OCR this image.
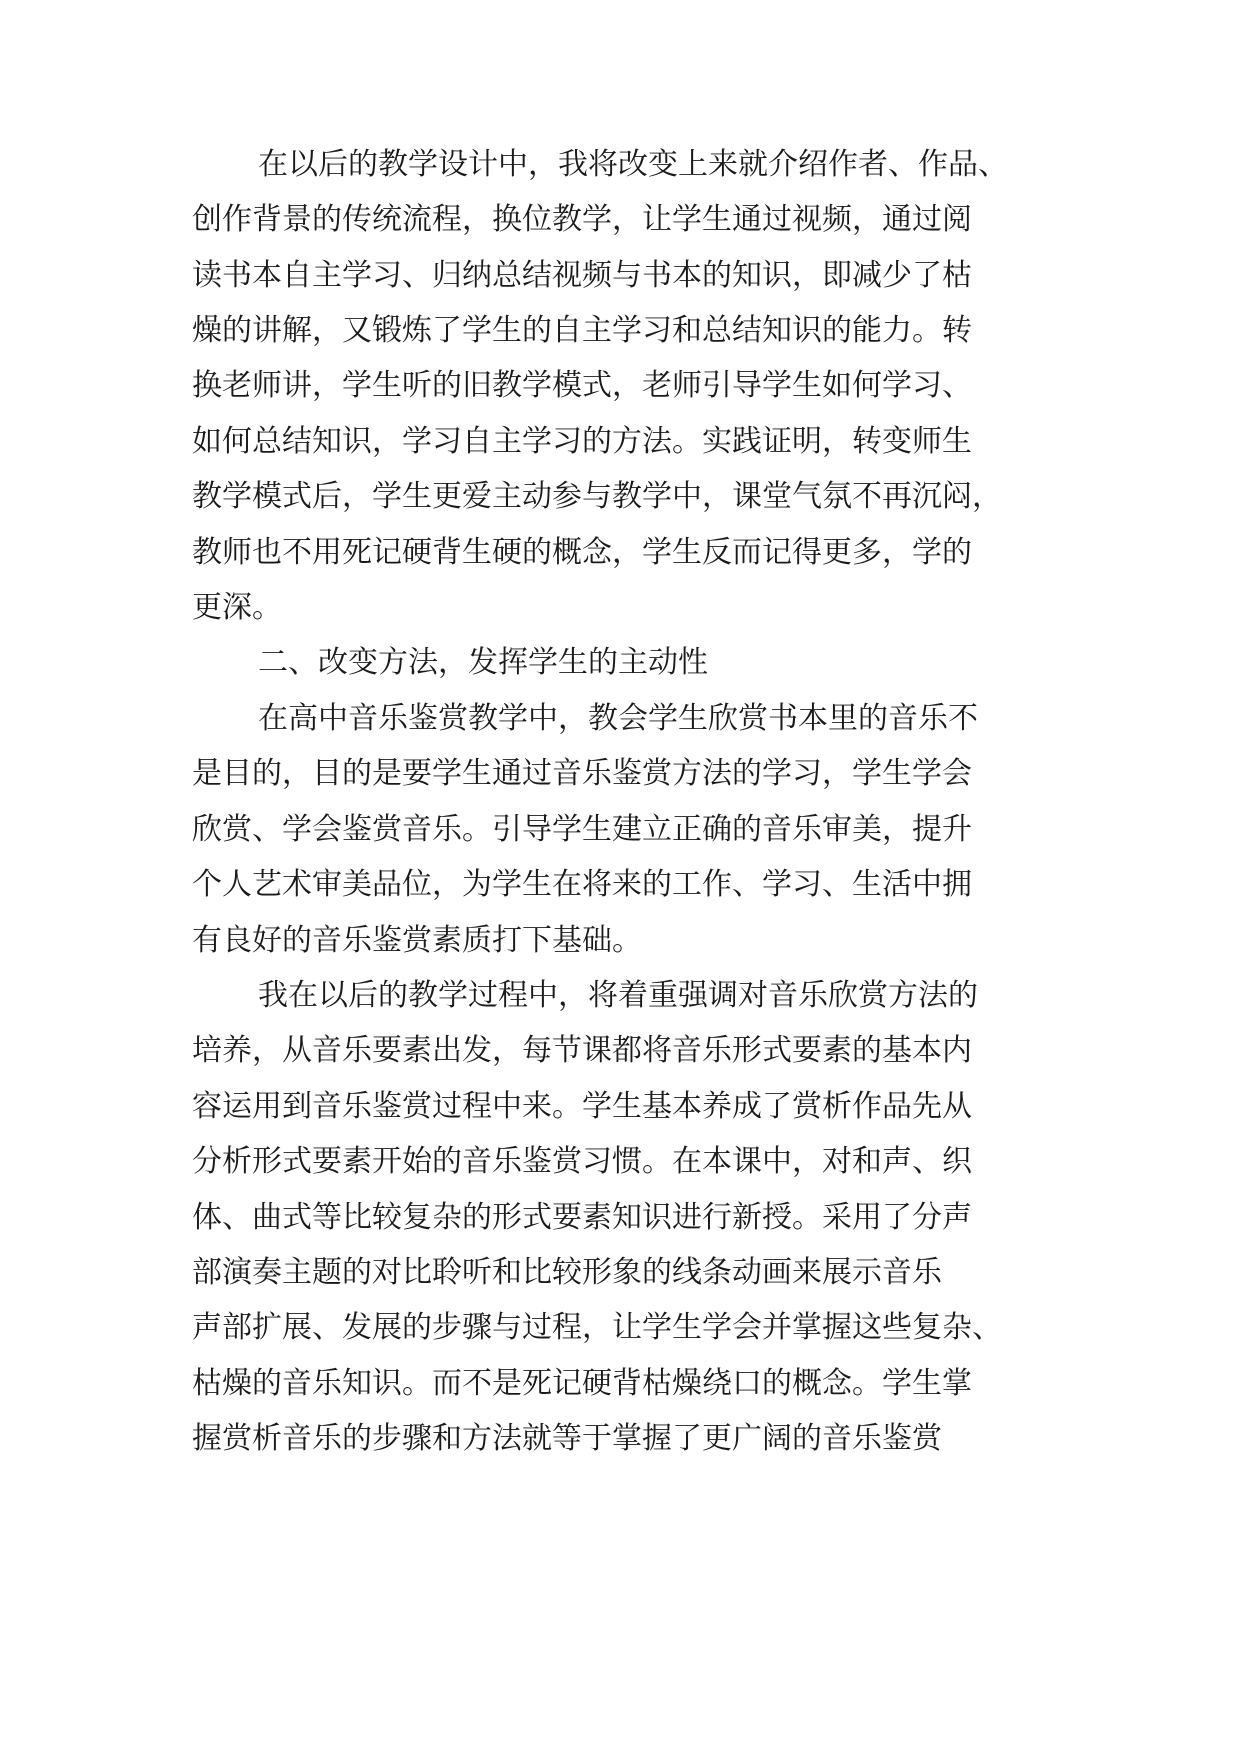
在以后的教学设计中，我将改变上来就介绍作者、作品、
创作背景的传统流程，换位教学，让学生通过视频，通过阅
读书本自主学习、归纳总结视频与书本的知识，即减少了枯
燥的讲解，又锻炼了学生的自主学习和总结知识的能力。转
换老师讲，学生听的旧教学模式，老师引导学生如何学习、
如何总结知识，学习自主学习的方法。实践证明，转变师生
教学模式后，学生更爱主动参与教学中，课堂气氛不再沉闷，
教师也不用死记硬背生硬的概念，学生反而记得更多，学的
更深。
二、改变方法，发挥学生的主动性
在高中音乐鉴赏教学中，教会学生欣赏书本里的音乐不
是目的，目的是要学生通过音乐鉴赏方法的学习，学生学会
欣赏、学会鉴赏音乐。引导学生建立正确的音乐审美，提升
个人艺术审美品位，为学生在将来的工作、学习、生活中拥
有良好的音乐鉴赏素质打下基础。
我在以后的教学过程中，将着重强调对音乐欣赏方法的
培养，从音乐要素出发，每节课都将音乐形式要素的基本内
容运用到音乐鉴赏过程中来。学生基本养成了赏析作品先从
分析形式要素开始的音乐鉴赏习惯。在本课中，对和声、织
体、曲式等比较复杂的形式要素知识进行新授。采用了分声
部演奏主题的对比聆听和比较形象的线条动画来展示音乐
声部扩展、发展的步骤与过程，让学生学会并掌握这些复杂、
枯燥的音乐知识。而不是死记硬背枯燥绕口的概念。学生掌
握赏析音乐的步骤和方法就等于掌握了更广阔的音乐鉴赏
